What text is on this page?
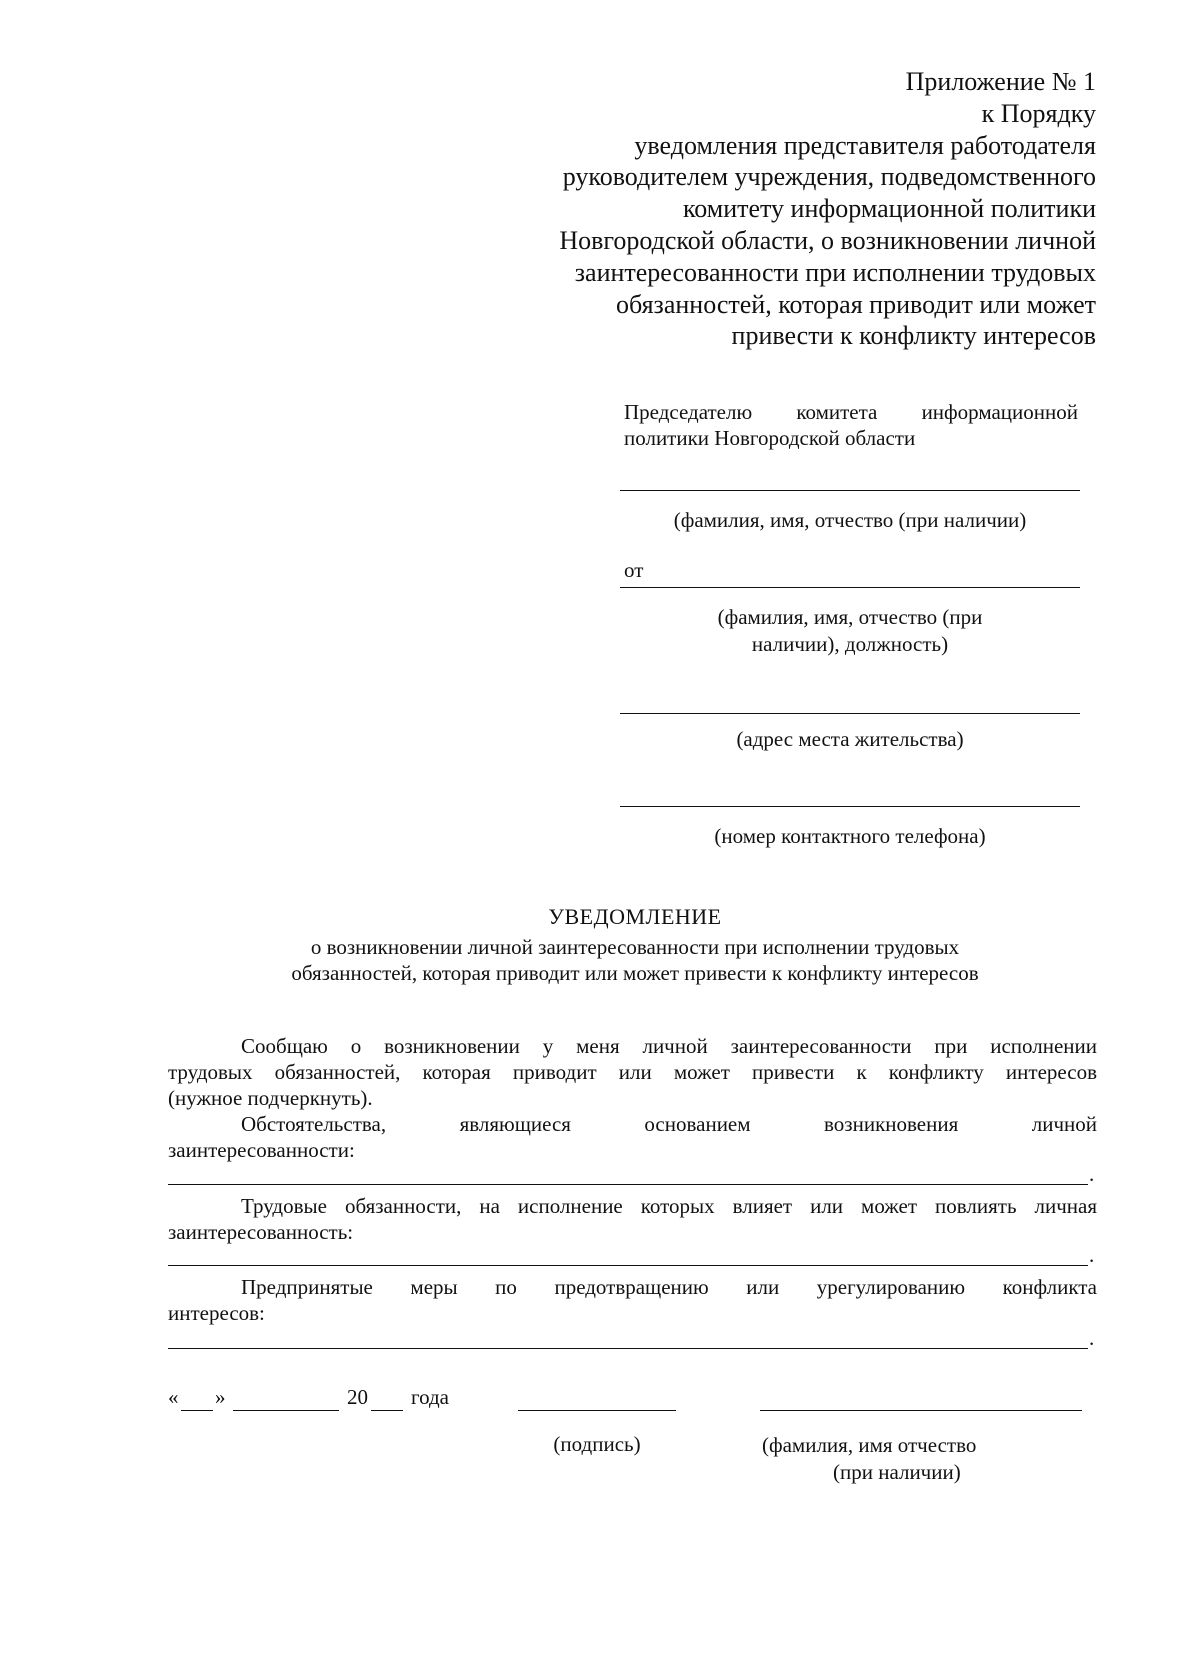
Приложение № 1
к Порядку
уведомления представителя работодателя
руководителем учреждения, подведомственного
комитету информационной политики
Новгородской области, о возникновении личной
заинтересованности при исполнении трудовых
обязанностей, которая приводит или может
привести к конфликту интересов
Председателю комитета информационной
политики Новгородской области
(фамилия, имя, отчество (при наличии)
от
(фамилия, имя, отчество (при
наличии), должность)
(адрес места жительства)
(номер контактного телефона)
УВЕДОМЛЕНИЕ
о возникновении личной заинтересованности при исполнении трудовых
обязанностей, которая приводит или может привести к конфликту интересов
Сообщаю о возникновении у меня личной заинтересованности при исполнении
трудовых обязанностей, которая приводит или может привести к конфликту интересов
(нужное подчеркнуть).
Обстоятельства, являющиеся основанием возникновения личной
заинтересованности:
.
Трудовые обязанности, на исполнение которых влияет или может повлиять личная
заинтересованность:
.
Предпринятые меры по предотвращению или урегулированию конфликта
интересов:
.
« »	20 года
(подпись)	(фамилия, имя отчество
(при наличии)
